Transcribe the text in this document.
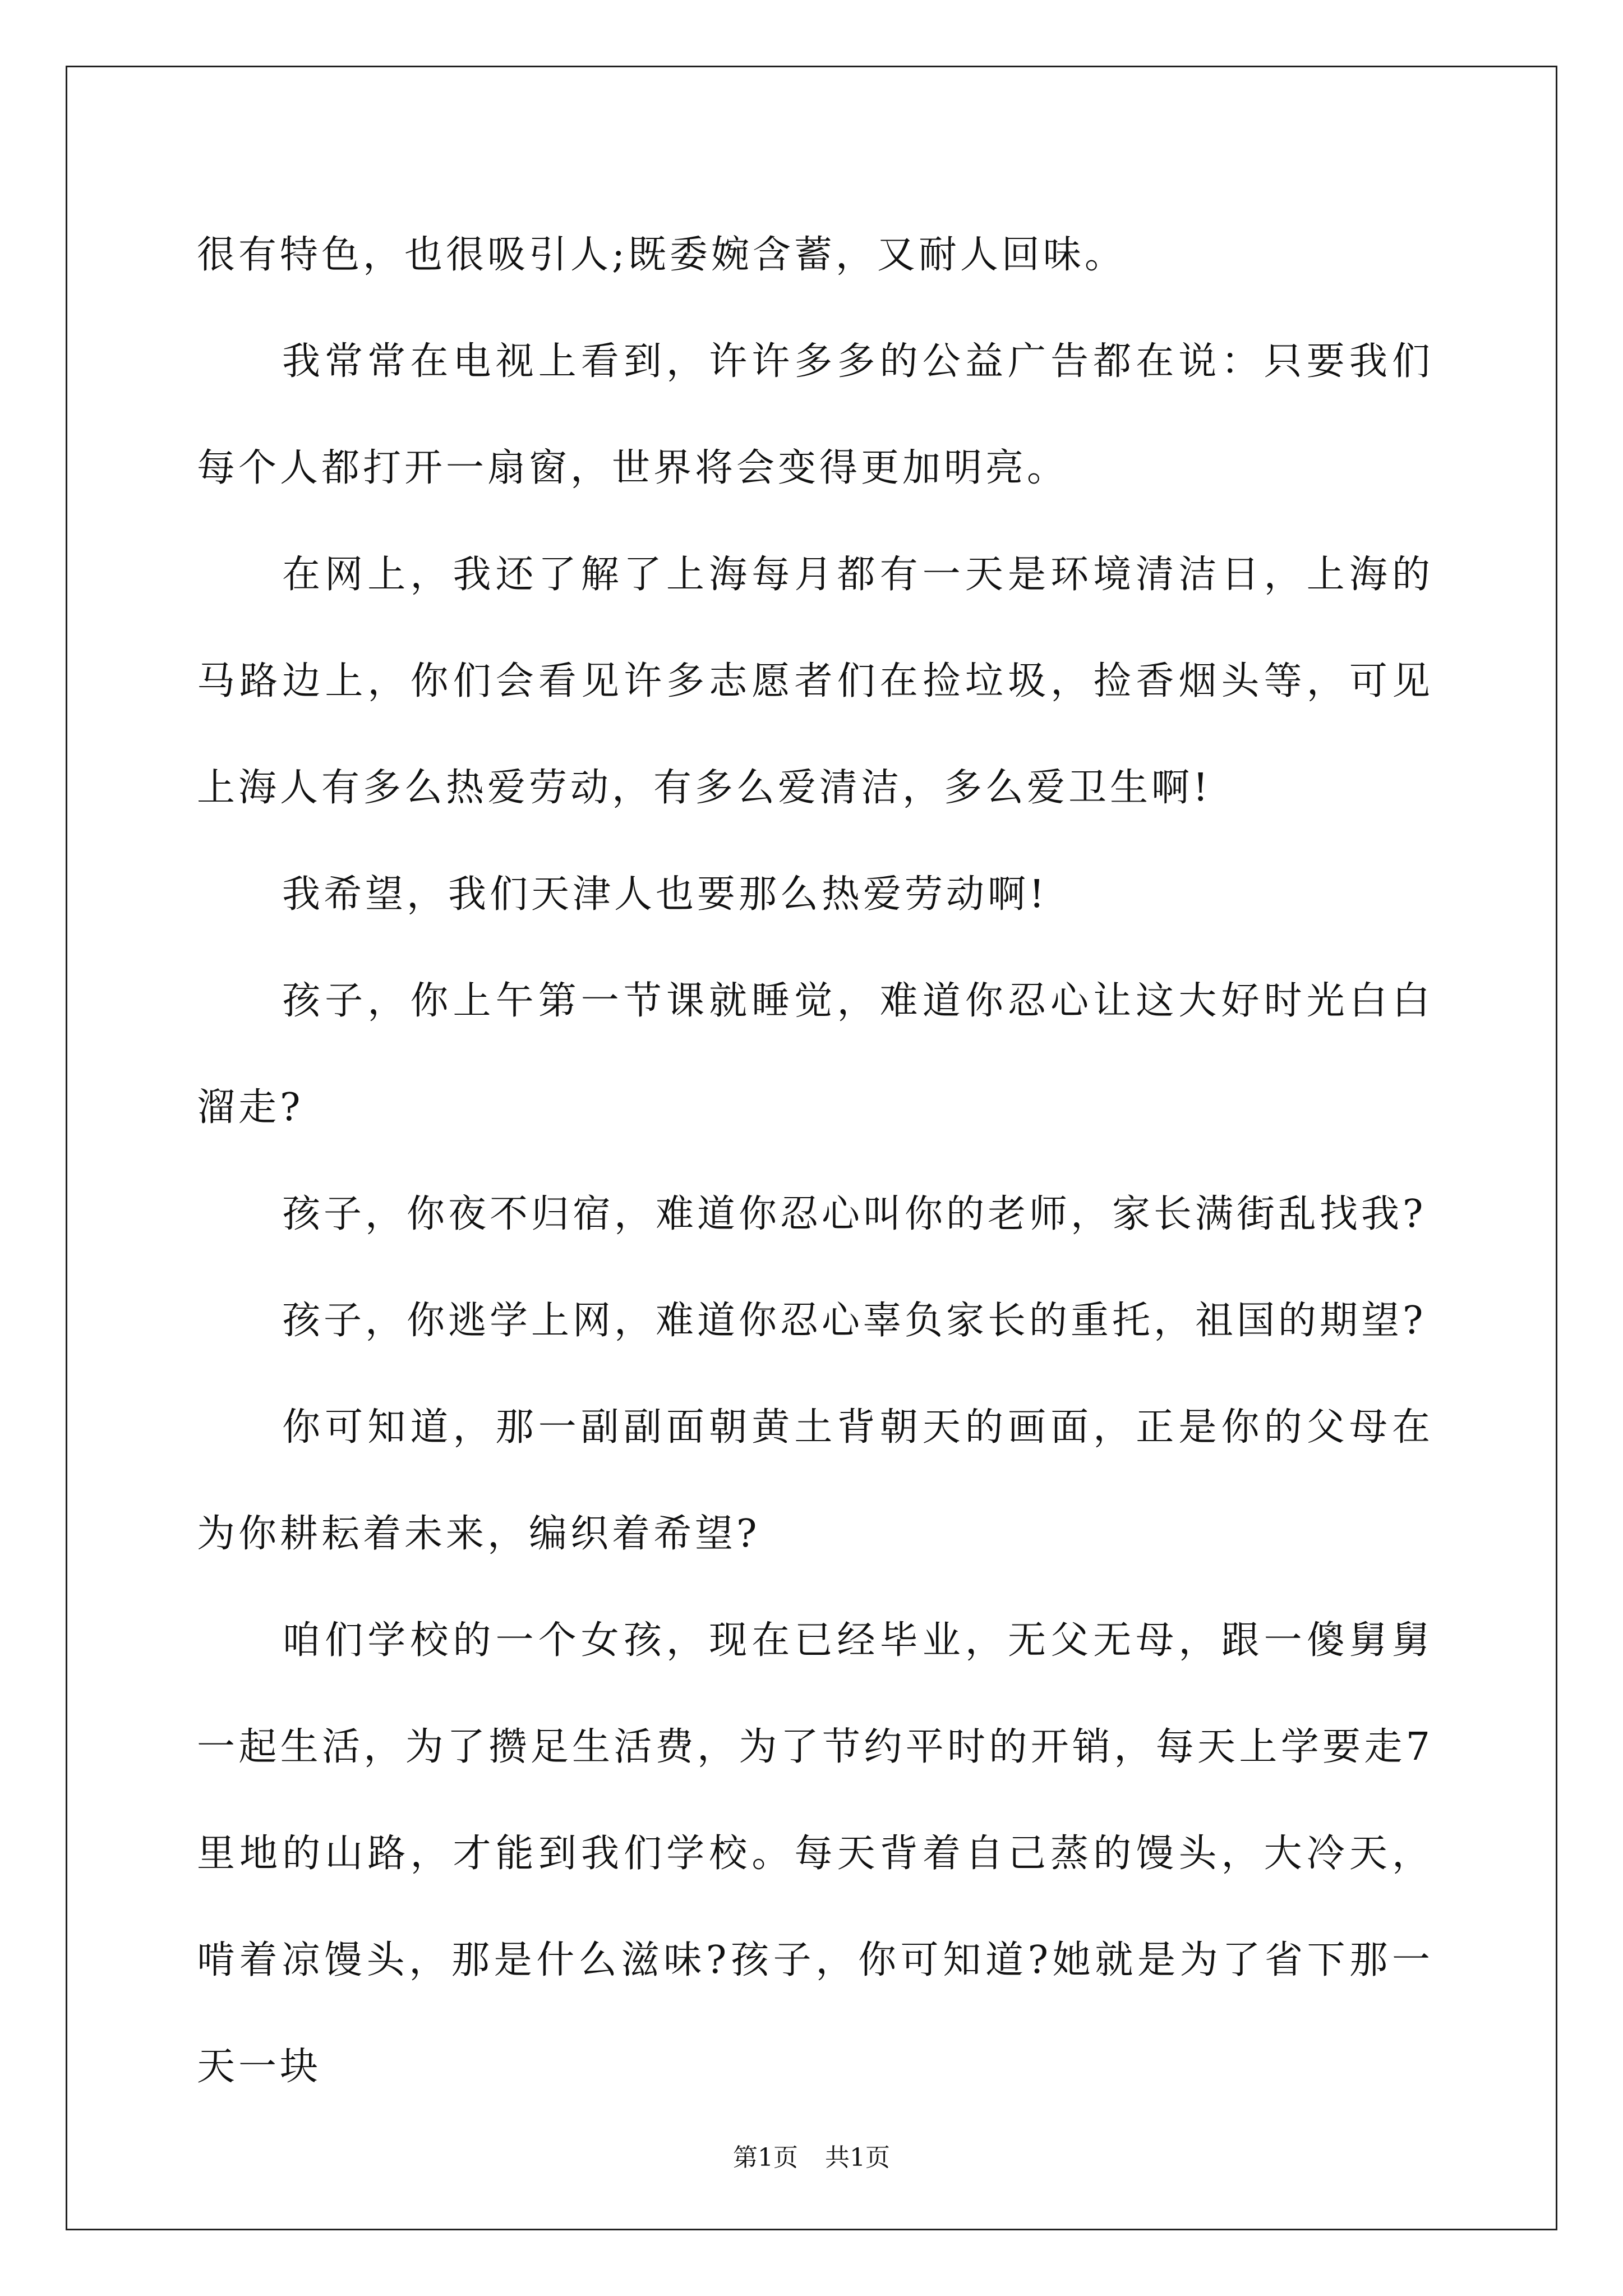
很有特色，也很吸引人;既委婉含蓄，又耐人回味。

我常常在电视上看到，许许多多的公益广告都在说：只要我们每个人都打开一扇窗，世界将会变得更加明亮。

在网上，我还了解了上海每月都有一天是环境清洁日，上海的马路边上，你们会看见许多志愿者们在捡垃圾，捡香烟头等，可见上海人有多么热爱劳动，有多么爱清洁，多么爱卫生啊!

我希望，我们天津人也要那么热爱劳动啊!

孩子，你上午第一节课就睡觉，难道你忍心让这大好时光白白溜走?

孩子，你夜不归宿，难道你忍心叫你的老师，家长满街乱找我?

孩子，你逃学上网，难道你忍心辜负家长的重托，祖国的期望?

你可知道，那一副副面朝黄土背朝天的画面，正是你的父母在为你耕耘着未来，编织着希望?

咱们学校的一个女孩，现在已经毕业，无父无母，跟一傻舅舅一起生活，为了攒足生活费，为了节约平时的开销，每天上学要走7里地的山路，才能到我们学校。每天背着自己蒸的馒头，大冷天，啃着凉馒头，那是什么滋味?孩子，你可知道?她就是为了省下那一天一块

第1页 共1页
